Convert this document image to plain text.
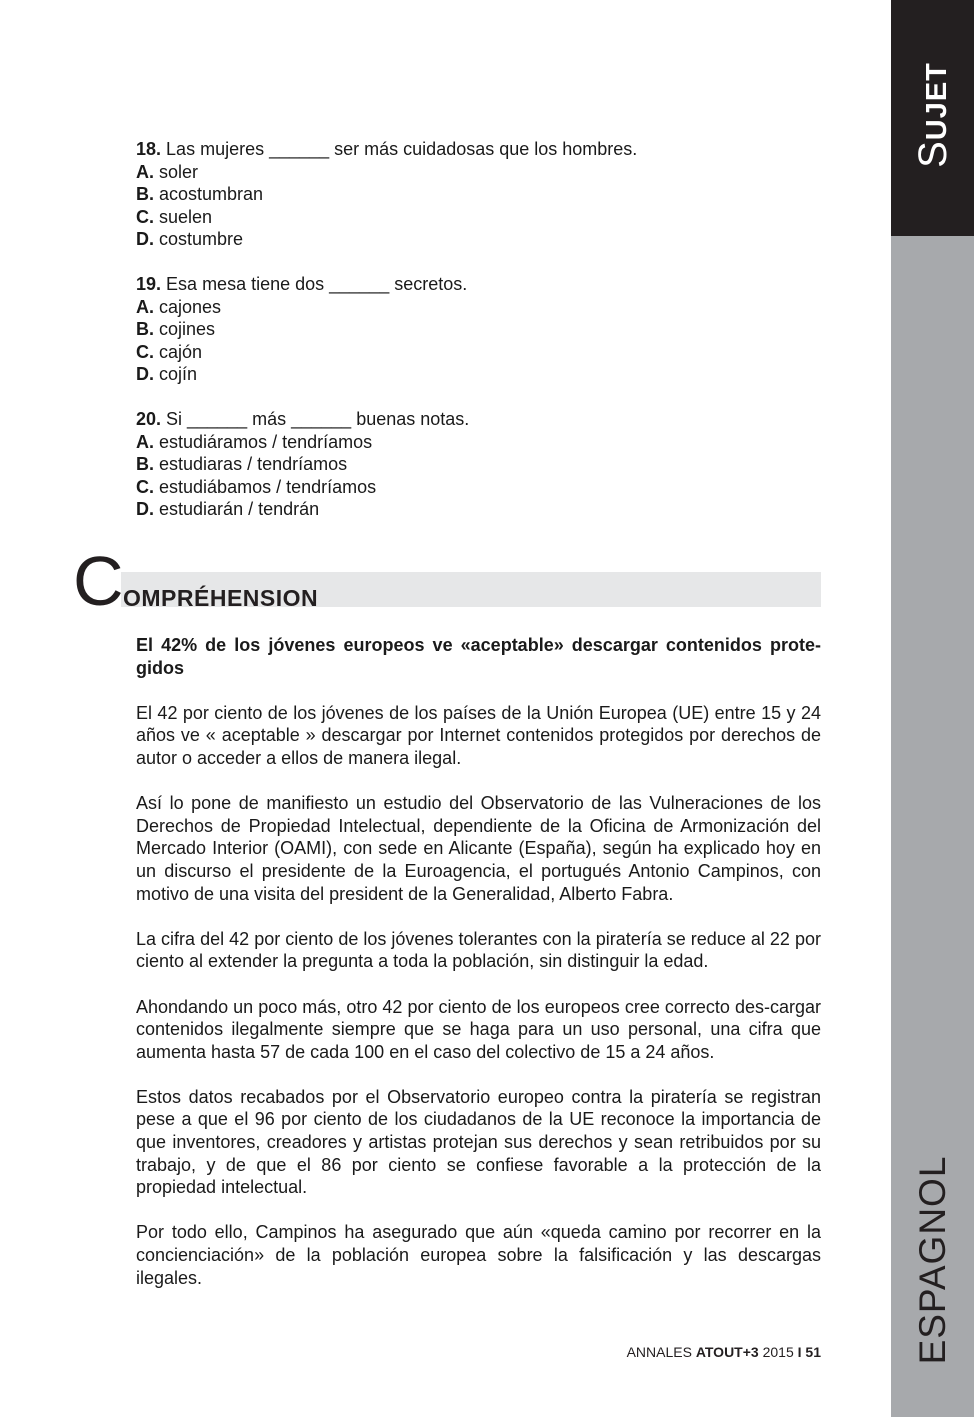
SUJET
ESPAGNOL
18. Las mujeres ______ ser más cuidadosas que los hombres.
A. soler
B. acostumbran
C. suelen
D. costumbre
19. Esa mesa tiene dos ______ secretos.
A. cajones
B. cojines
C. cajón
D. cojín
20. Si ______ más ______ buenas notas.
A. estudiáramos / tendríamos
B. estudiaras / tendríamos
C. estudiábamos / tendríamos
D. estudiarán / tendrán
C OMPRÉHENSION

El 42% de los jóvenes europeos ve «aceptable» descargar contenidos prote-gidos

El 42 por ciento de los jóvenes de los países de la Unión Europea (UE) entre 15 y 24 años ve « aceptable » descargar por Internet contenidos protegidos por derechos de autor o acceder a ellos de manera ilegal.

Así lo pone de manifiesto un estudio del Observatorio de las Vulneraciones de los Derechos de Propiedad Intelectual, dependiente de la Oficina de Armonización del Mercado Interior (OAMI), con sede en Alicante (España), según ha explicado hoy en un discurso el presidente de la Euroagencia, el portugués Antonio Campinos, con motivo de una visita del president de la Generalidad, Alberto Fabra.

La cifra del 42 por ciento de los jóvenes tolerantes con la piratería se reduce al 22 por ciento al extender la pregunta a toda la población, sin distinguir la edad.

Ahondando un poco más, otro 42 por ciento de los europeos cree correcto des-cargar contenidos ilegalmente siempre que se haga para un uso personal, una cifra que aumenta hasta 57 de cada 100 en el caso del colectivo de 15 a 24 años.

Estos datos recabados por el Observatorio europeo contra la piratería se registran pese a que el 96 por ciento de los ciudadanos de la UE reconoce la importancia de que inventores, creadores y artistas protejan sus derechos y sean retribuidos por su trabajo, y de que el 86 por ciento se confiese favorable a la protección de la propiedad intelectual.

Por todo ello, Campinos ha asegurado que aún «queda camino por recorrer en la concienciación» de la población europea sobre la falsificación y las descargas ilegales.

ANNALES ATOUT+3 2015 I 51
